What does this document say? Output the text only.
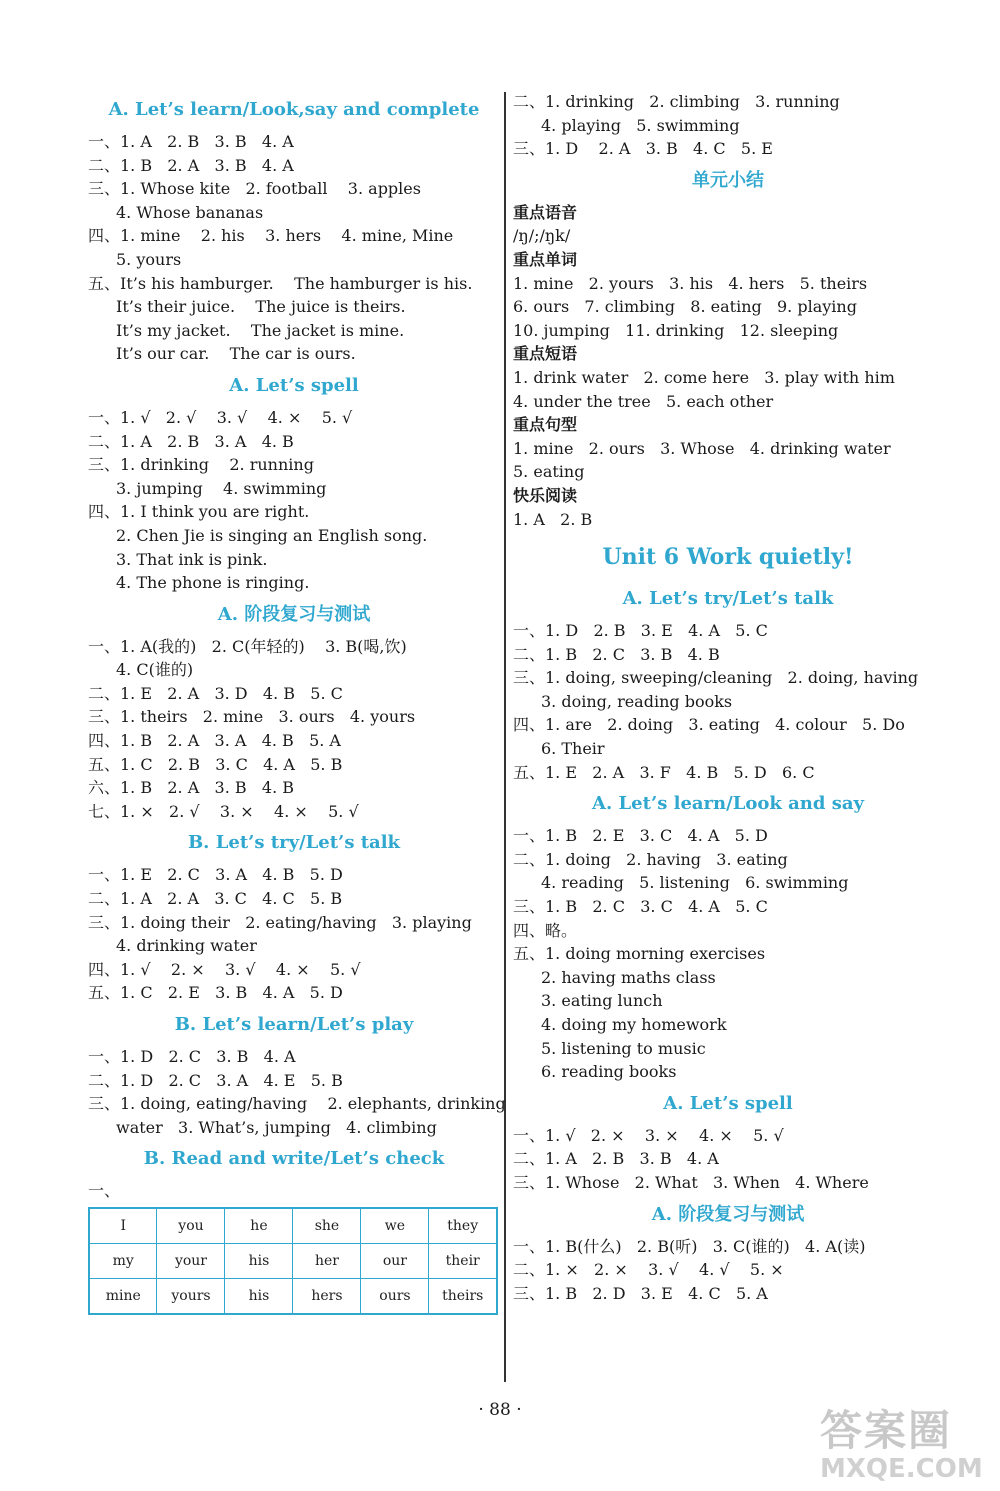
A. Let’s learn/Look,say and complete
一、1. A   2. B   3. B   4. A
二、1. B   2. A   3. B   4. A
三、1. Whose kite   2. football    3. apples
4. Whose bananas
四、1. mine    2. his    3. hers    4. mine, Mine
5. yours
五、It’s his hamburger.    The hamburger is his.
It’s their juice.    The juice is theirs.
It’s my jacket.    The jacket is mine.
It’s our car.    The car is ours.
A. Let’s spell
一、1. √   2. √    3. √    4. ×    5. √
二、1. A   2. B   3. A   4. B
三、1. drinking    2. running
3. jumping    4. swimming
四、1. I think you are right.
2. Chen Jie is singing an English song.
3. That ink is pink.
4. The phone is ringing.
A. 阶段复习与测试
一、1. A(我的)   2. C(年轻的)    3. B(喝,饮)
4. C(谁的)
二、1. E   2. A   3. D   4. B   5. C
三、1. theirs   2. mine   3. ours   4. yours
四、1. B   2. A   3. A   4. B   5. A
五、1. C   2. B   3. C   4. A   5. B
六、1. B   2. A   3. B   4. B
七、1. ×   2. √    3. ×    4. ×    5. √
B. Let’s try/Let’s talk
一、1. E   2. C   3. A   4. B   5. D
二、1. A   2. A   3. C   4. C   5. B
三、1. doing their   2. eating/having   3. playing
4. drinking water
四、1. √    2. ×    3. √    4. ×    5. √
五、1. C   2. E   3. B   4. A   5. D
B. Let’s learn/Let’s play
一、1. D   2. C   3. B   4. A
二、1. D   2. C   3. A   4. E   5. B
三、1. doing, eating/having    2. elephants, drinking
water   3. What’s, jumping   4. climbing
B. Read and write/Let’s check
一、
I	you	he	she	we	they
my	your	his	her	our	their
mine	yours	his	hers	ours	theirs
二、1. drinking   2. climbing   3. running
4. playing   5. swimming
三、1. D    2. A   3. B   4. C   5. E
单元小结
重点语音
/ŋ/;/ŋk/
重点单词
1. mine   2. yours   3. his   4. hers   5. theirs
6. ours   7. climbing   8. eating   9. playing
10. jumping   11. drinking   12. sleeping
重点短语
1. drink water   2. come here   3. play with him
4. under the tree   5. each other
重点句型
1. mine   2. ours   3. Whose   4. drinking water
5. eating
快乐阅读
1. A   2. B
Unit 6 Work quietly!
A. Let’s try/Let’s talk
一、1. D   2. B   3. E   4. A   5. C
二、1. B   2. C   3. B   4. B
三、1. doing, sweeping/cleaning   2. doing, having
3. doing, reading books
四、1. are   2. doing   3. eating   4. colour   5. Do
6. Their
五、1. E   2. A   3. F   4. B   5. D   6. C
A. Let’s learn/Look and say
一、1. B   2. E   3. C   4. A   5. D
二、1. doing   2. having   3. eating
4. reading   5. listening   6. swimming
三、1. B   2. C   3. C   4. A   5. C
四、略。
五、1. doing morning exercises
2. having maths class
3. eating lunch
4. doing my homework
5. listening to music
6. reading books
A. Let’s spell
一、1. √   2. ×    3. ×    4. ×    5. √
二、1. A   2. B   3. B   4. A
三、1. Whose   2. What   3. When   4. Where
A. 阶段复习与测试
一、1. B(什么)   2. B(听)   3. C(谁的)   4. A(读)
二、1. ×   2. ×    3. √    4. √    5. ×
三、1. B   2. D   3. E   4. C   5. A
· 88 ·	答案圈
MXQE.COM
